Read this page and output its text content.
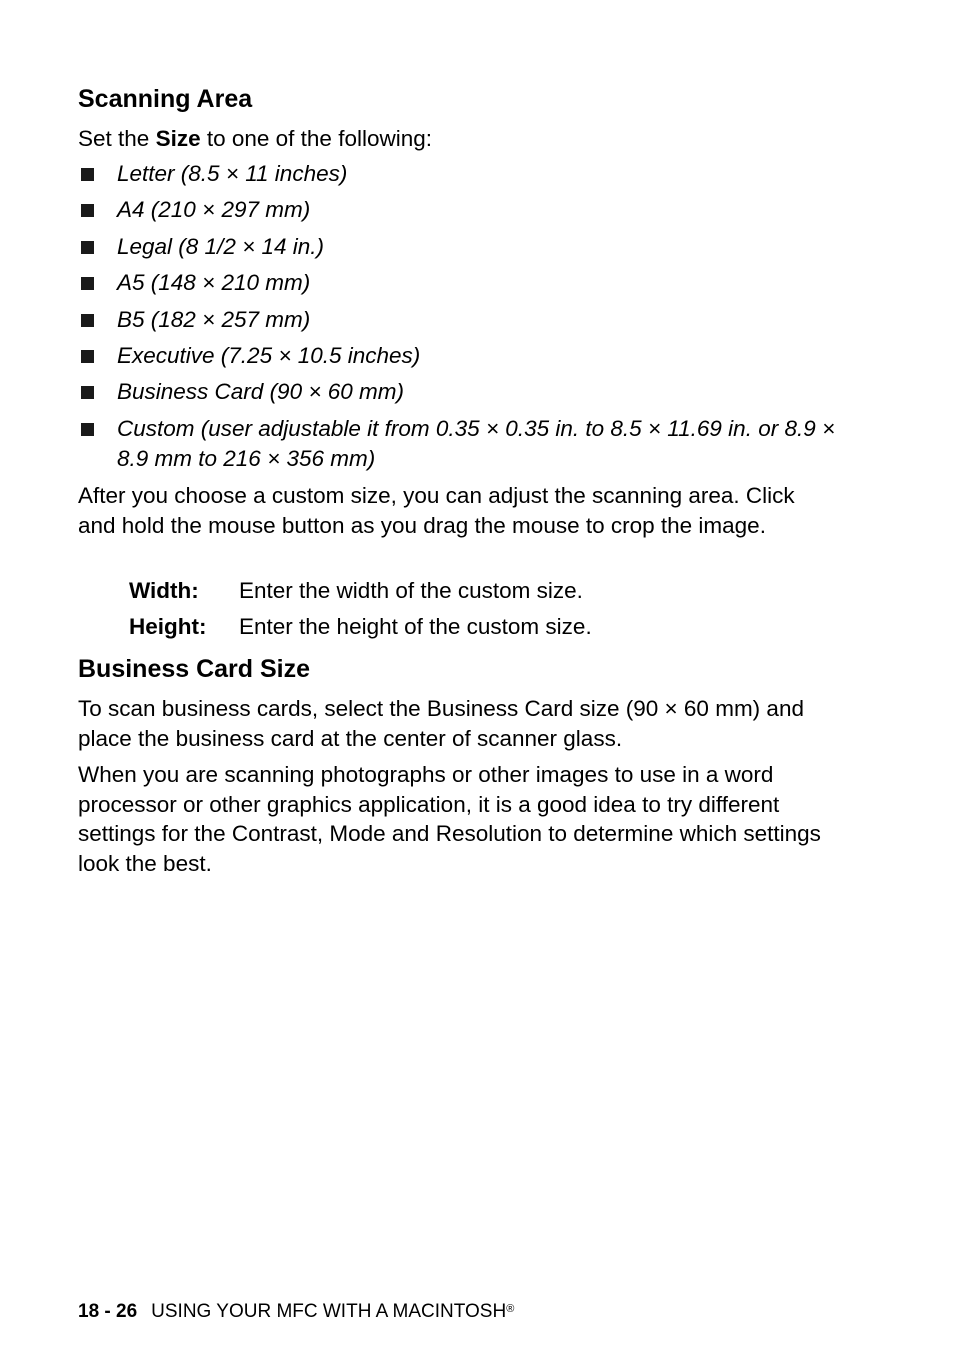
Scanning Area

Set the Size to one of the following:

Letter (8.5 × 11 inches)
A4 (210 × 297 mm)
Legal (8 1/2 × 14 in.)
A5 (148 × 210 mm)
B5 (182 × 257 mm)
Executive (7.25 × 10.5 inches)
Business Card (90 × 60 mm)
Custom (user adjustable it from 0.35 × 0.35 in. to 8.5 × 11.69 in. or 8.9 × 8.9 mm to 216 × 356 mm)

After you choose a custom size, you can adjust the scanning area. Click and hold the mouse button as you drag the mouse to crop the image.

Width: Enter the width of the custom size.
Height: Enter the height of the custom size.
Business Card Size

To scan business cards, select the Business Card size (90 × 60 mm) and place the business card at the center of scanner glass.

When you are scanning photographs or other images to use in a word processor or other graphics application, it is a good idea to try different settings for the Contrast, Mode and Resolution to determine which settings look the best.

18 - 26 USING YOUR MFC WITH A MACINTOSH®
